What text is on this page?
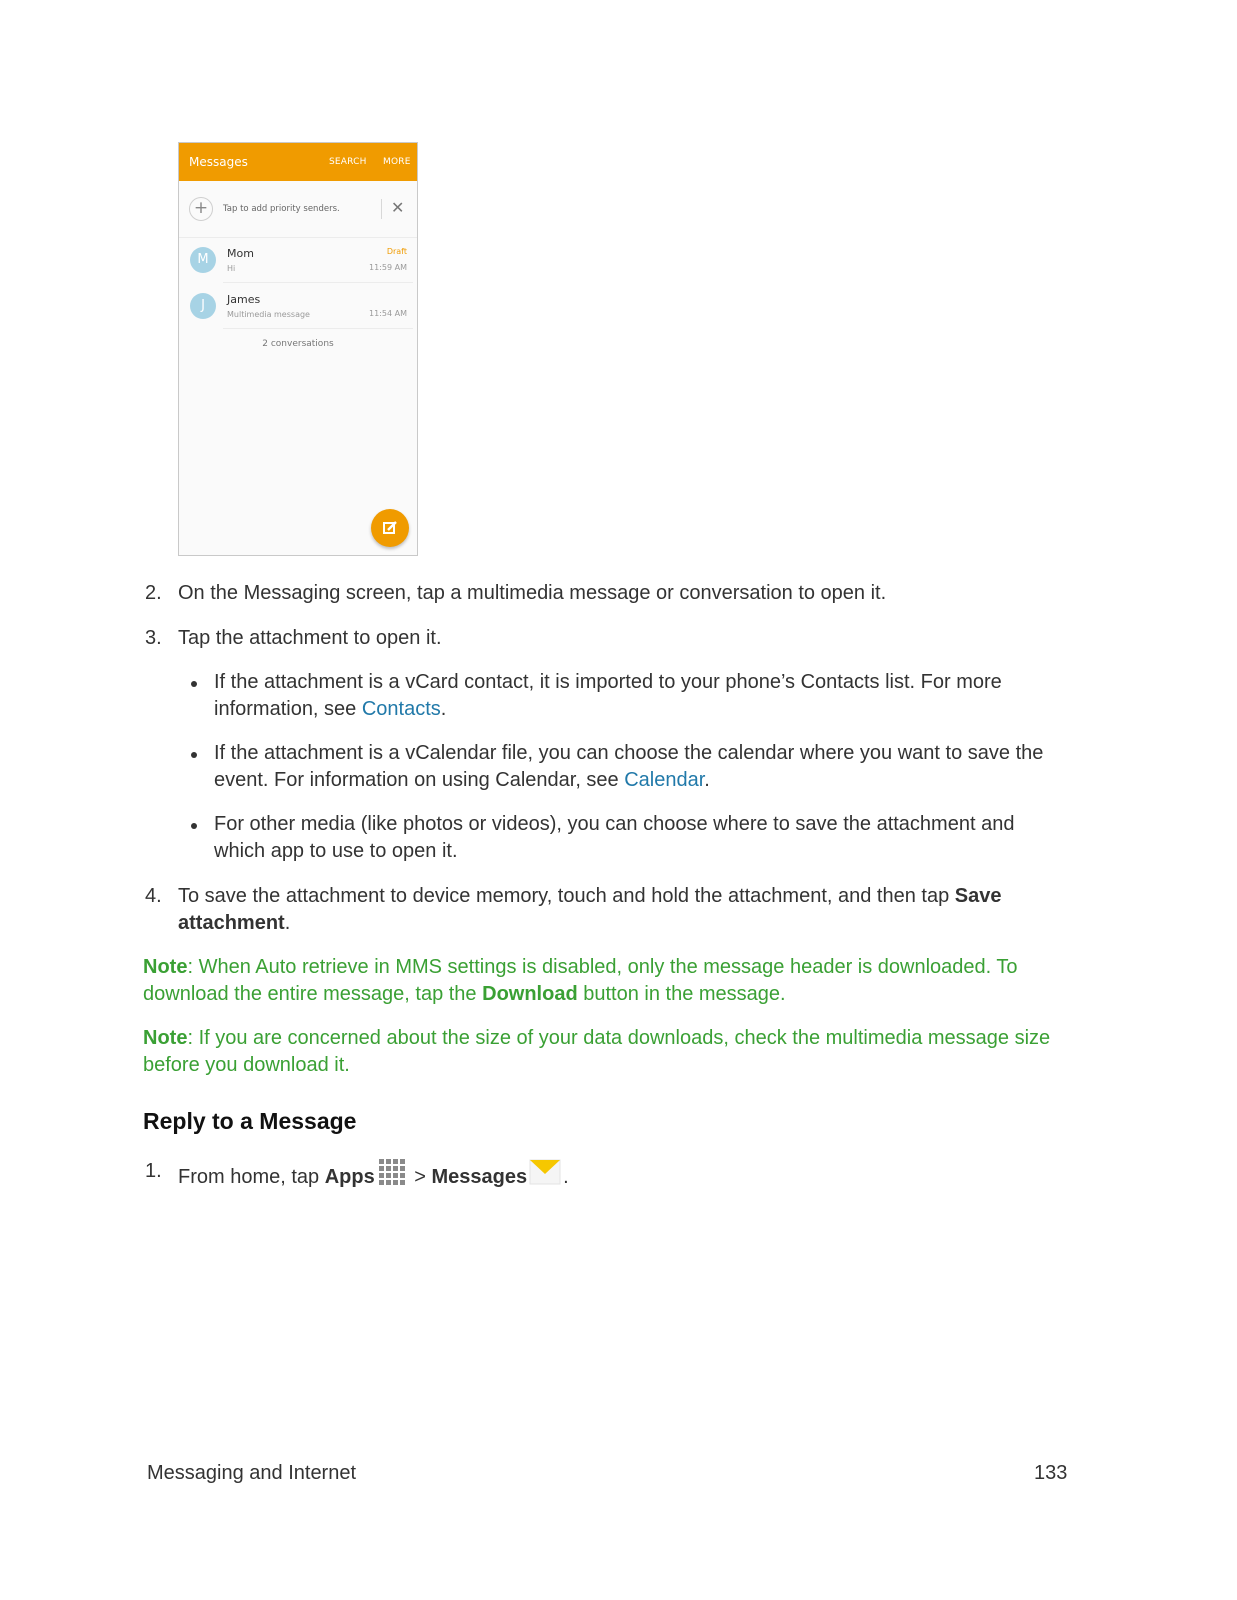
Messages	SEARCH MORE
+	Tap to add priority senders.	✕
M	Mom
Hi
Draft
11:59 AM
J	James
Multimedia message	11:54 AM
2 conversations
2. On the Messaging screen, tap a multimedia message or conversation to open it.
3. Tap the attachment to open it.
If the attachment is a vCard contact, it is imported to your phone’s Contacts list. For more information, see Contacts.
If the attachment is a vCalendar file, you can choose the calendar where you want to save the event. For information on using Calendar, see Calendar.
For other media (like photos or videos), you can choose where to save the attachment and which app to use to open it.
4. To save the attachment to device memory, touch and hold the attachment, and then tap Save attachment.
Note: When Auto retrieve in MMS settings is disabled, only the message header is downloaded. To download the entire message, tap the Download button in the message.
Note: If you are concerned about the size of your data downloads, check the multimedia message size before you download it.
Reply to a Message
1. From home, tap Apps > Messages .
Messaging and Internet	133
